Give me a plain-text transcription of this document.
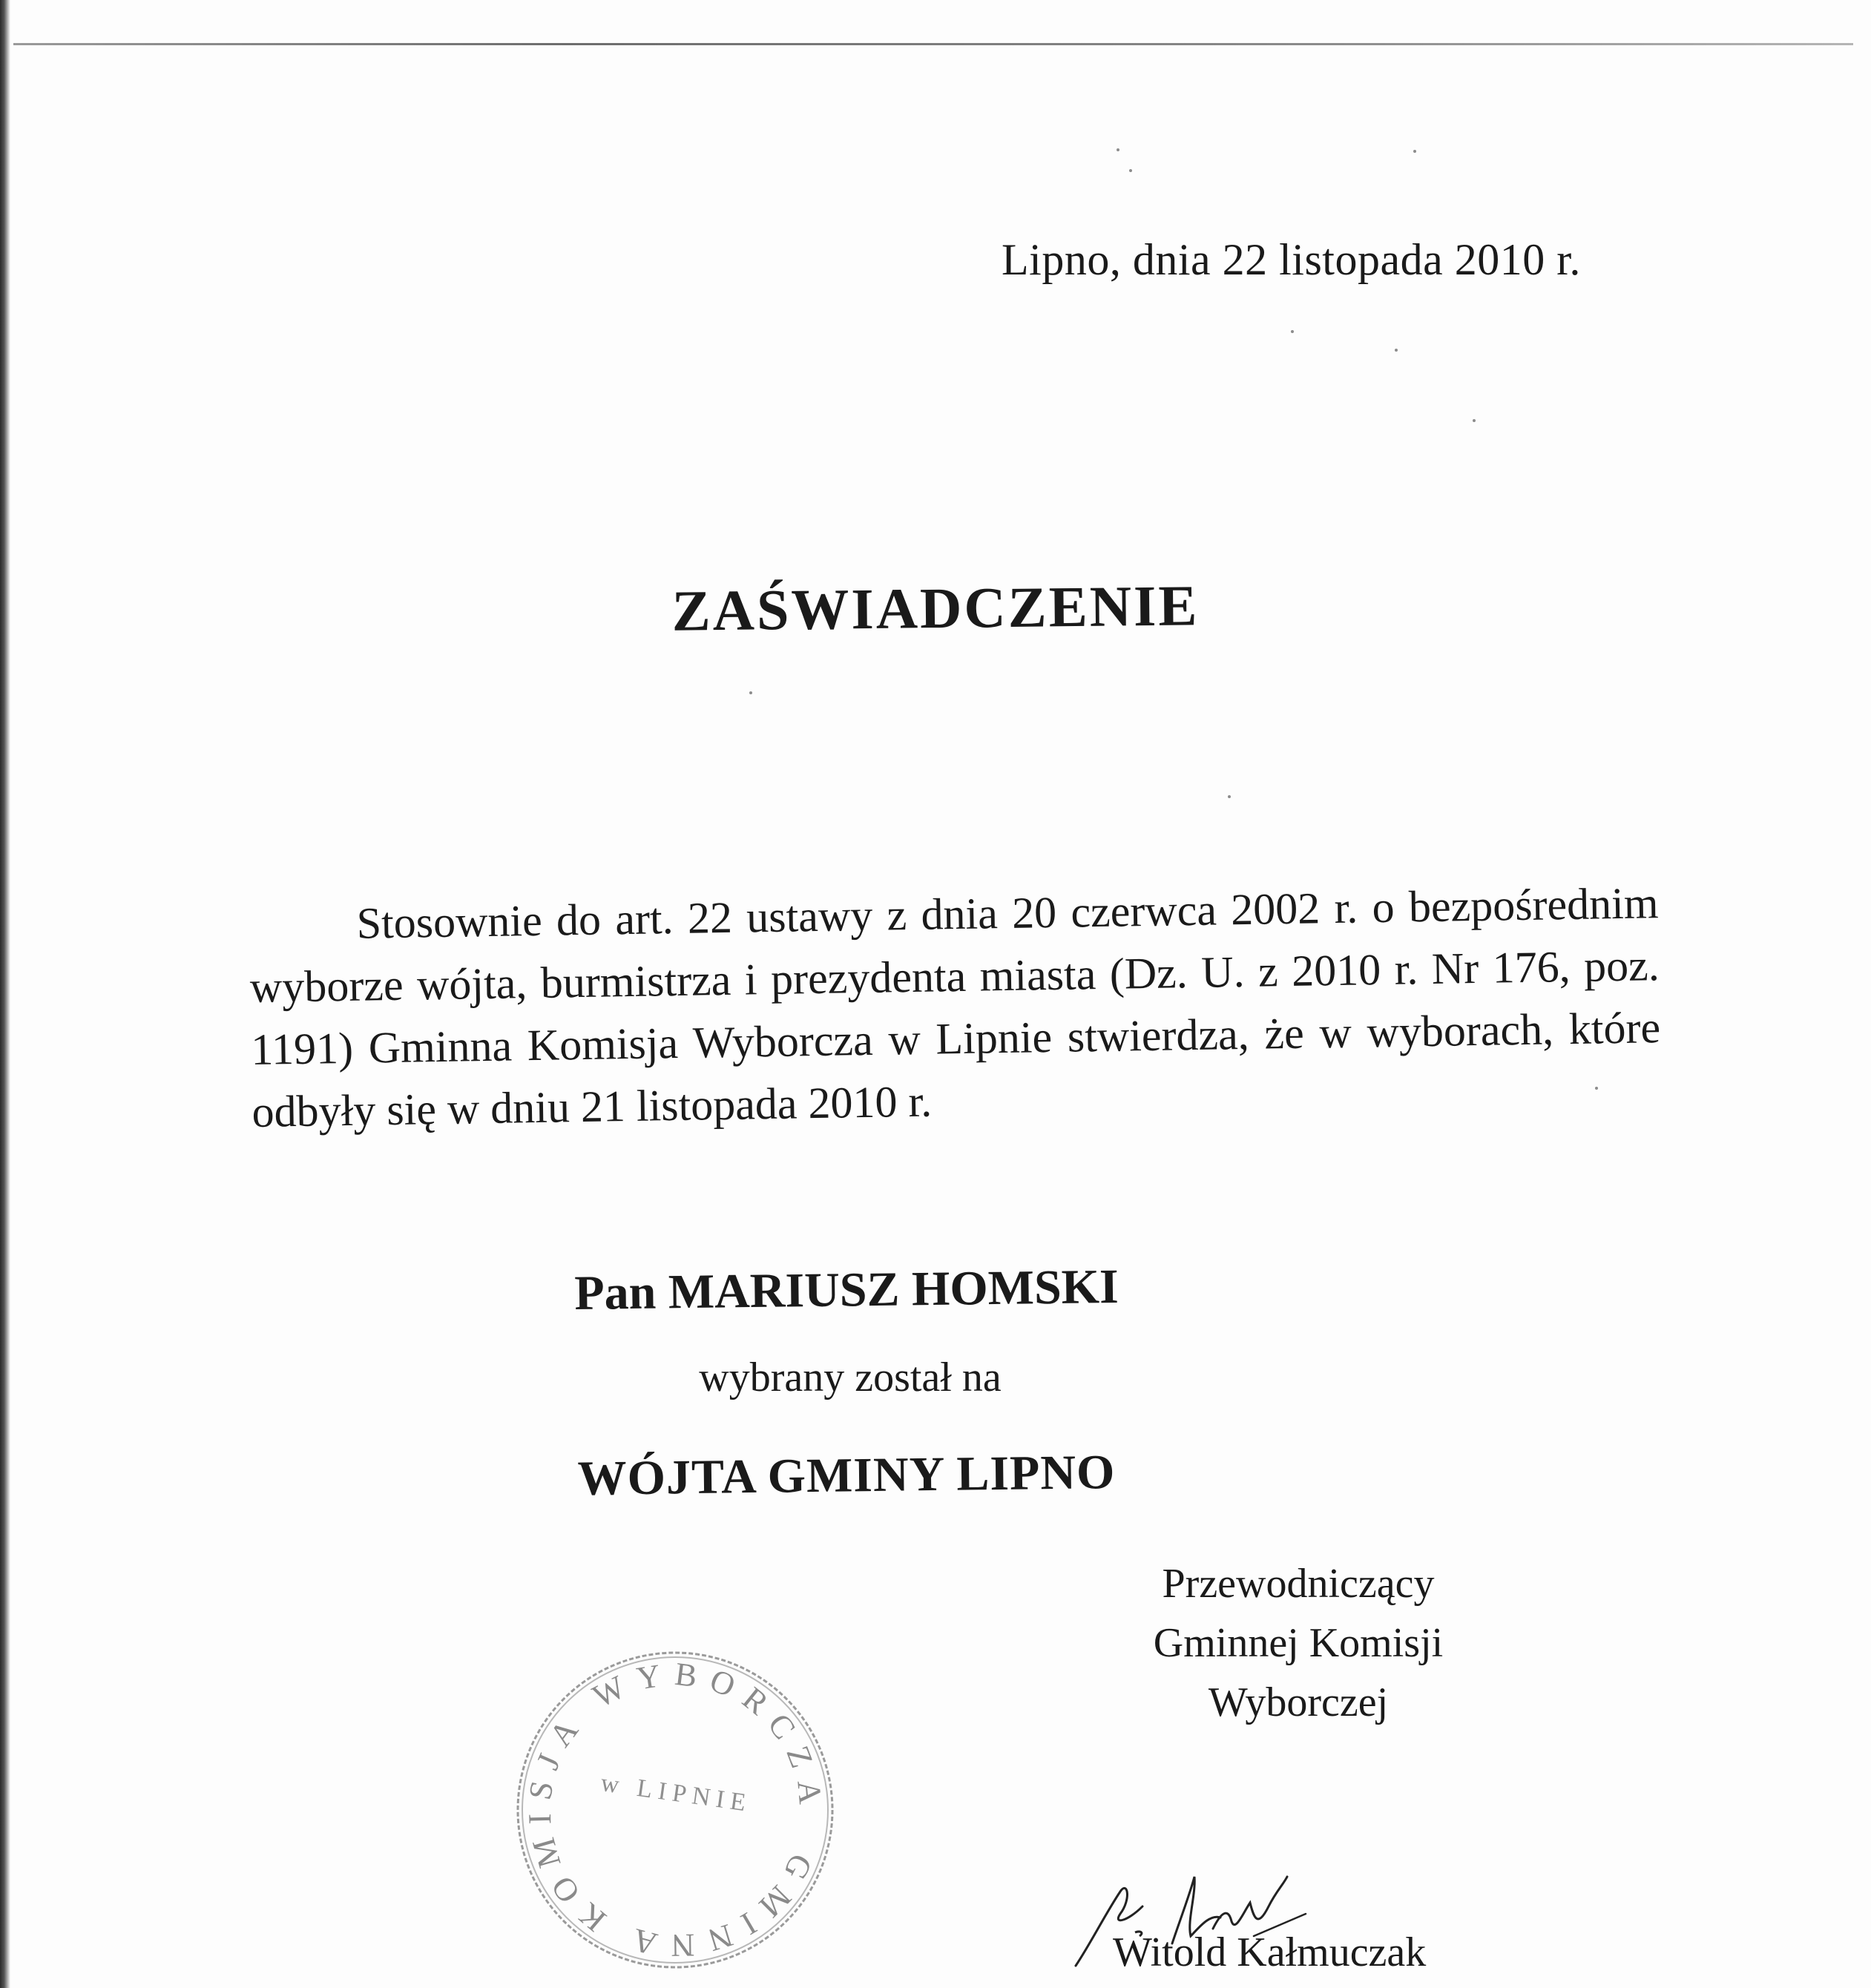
Lipno, dnia 22 listopada 2010 r.
ZAŚWIADCZENIE
Stosownie do art. 22 ustawy z dnia 20 czerwca 2002 r. o bezpośrednim
wyborze wójta, burmistrza i prezydenta miasta (Dz. U. z 2010 r. Nr 176, poz.
1191) Gminna Komisja Wyborcza w Lipnie stwierdza, że w wyborach, które
odbyły się w dniu 21 listopada 2010 r.
Pan MARIUSZ HOMSKI
wybrany został na
WÓJTA GMINY LIPNO
GMINNA KOMISJA WYBORCZA
w LIPNIE
Przewodniczący
Gminnej Komisji Wyborczej
Witold Kałmuczak
